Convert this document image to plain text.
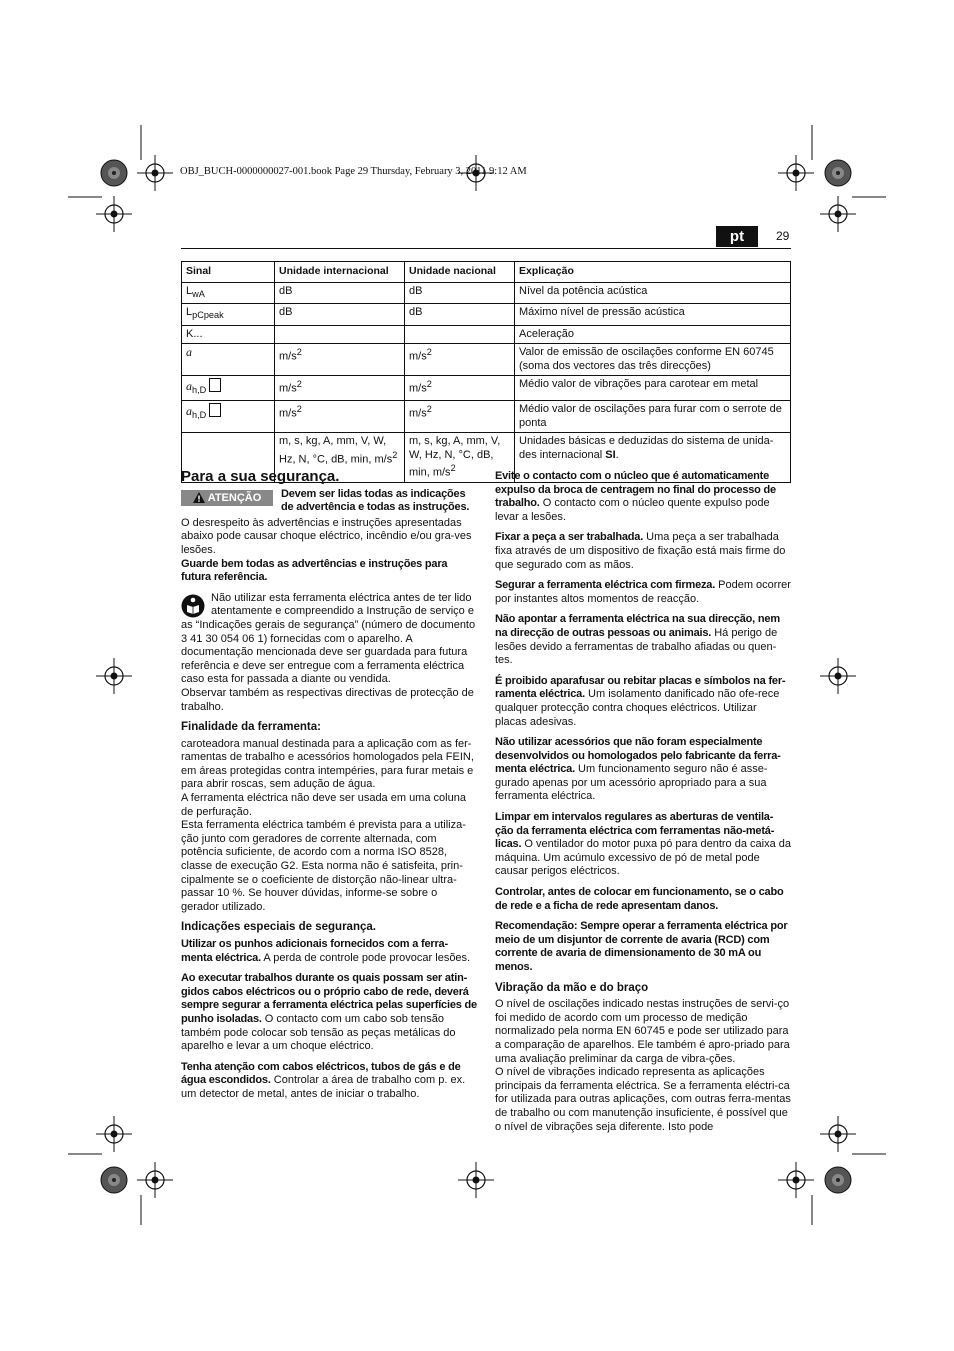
OBJ_BUCH-0000000027-001.book Page 29 Thursday, February 3, 2011 9:12 AM
pt	29
Sinal	Unidade internacional	Unidade nacional	Explicação
$L_{wA}$	dB	dB	Nível da potência acústica
$L_{pCpeak}$	dB	dB	Máximo nível de pressão acústica
K...			Aceleração
a	$m/s^2$	$m/s^2$	Valor de emissão de oscilações conforme EN 60745 (soma dos vectores das três direcções)
$a_{h,D}$	$m/s^2$	$m/s^2$	Médio valor de vibrações para carotear em metal
$a_{h,D}$	$m/s^2$	$m/s^2$	Médio valor de oscilações para furar com o serrote de ponta
	m, s, kg, A, mm, V, W, Hz, N, °C, dB, min, $m/s^2$	m, s, kg, A, mm, V, W, Hz, N, °C, dB, min, $m/s^2$	Unidades básicas e deduzidas do sistema de unida-des internacional SI.
Para a sua segurança.
ATENÇÃO Devem ser lidas todas as indicações de advertência e todas as instruções.

O desrespeito às advertências e instruções apresentadas abaixo pode causar choque eléctrico, incêndio e/ou gra-ves lesões.

Guarde bem todas as advertências e instruções para futura referência.

Não utilizar esta ferramenta eléctrica antes de ter lido atentamente e compreendido a Instrução de serviço e as “Indicações gerais de segurança” (número de documento 3 41 30 054 06 1) fornecidas com o aparelho. A documentação mencionada deve ser guardada para futura referência e deve ser entregue com a ferramenta eléctrica caso esta for passada a diante ou vendida.

Observar também as respectivas directivas de protecção de trabalho.

Finalidade da ferramenta:

caroteadora manual destinada para a aplicação com as fer-ramentas de trabalho e acessórios homologados pela FEIN, em áreas protegidas contra intempéries, para furar metais e para abrir roscas, sem adução de água.

A ferramenta eléctrica não deve ser usada em uma coluna de perfuração.

Esta ferramenta eléctrica também é prevista para a utiliza-ção junto com geradores de corrente alternada, com potência suficiente, de acordo com a norma ISO 8528, classe de execução G2. Esta norma não é satisfeita, prin-cipalmente se o coeficiente de distorção não-linear ultra-passar 10 %. Se houver dúvidas, informe-se sobre o gerador utilizado.

Indicações especiais de segurança.

Utilizar os punhos adicionais fornecidos com a ferra-menta eléctrica. A perda de controle pode provocar lesões.

Ao executar trabalhos durante os quais possam ser atin-gidos cabos eléctricos ou o próprio cabo de rede, deverá sempre segurar a ferramenta eléctrica pelas superfícies de punho isoladas. O contacto com um cabo sob tensão também pode colocar sob tensão as peças metálicas do aparelho e levar a um choque eléctrico.

Tenha atenção com cabos eléctricos, tubos de gás e de água escondidos. Controlar a área de trabalho com p. ex. um detector de metal, antes de iniciar o trabalho.

Evite o contacto com o núcleo que é automaticamente expulso da broca de centragem no final do processo de trabalho. O contacto com o núcleo quente expulso pode levar a lesões.

Fixar a peça a ser trabalhada. Uma peça a ser trabalhada fixa através de um dispositivo de fixação está mais firme do que segurado com as mãos.

Segurar a ferramenta eléctrica com firmeza. Podem ocorrer por instantes altos momentos de reacção.

Não apontar a ferramenta eléctrica na sua direcção, nem na direcção de outras pessoas ou animais. Há perigo de lesões devido a ferramentas de trabalho afiadas ou quen-tes.

É proibido aparafusar ou rebitar placas e símbolos na fer-ramenta eléctrica. Um isolamento danificado não ofe-rece qualquer protecção contra choques eléctricos. Utilizar placas adesivas.

Não utilizar acessórios que não foram especialmente desenvolvidos ou homologados pelo fabricante da ferra-menta eléctrica. Um funcionamento seguro não é asse-gurado apenas por um acessório apropriado para a sua ferramenta eléctrica.

Limpar em intervalos regulares as aberturas de ventila-ção da ferramenta eléctrica com ferramentas não-metá-licas. O ventilador do motor puxa pó para dentro da caixa da máquina. Um acúmulo excessivo de pó de metal pode causar perigos eléctricos.

Controlar, antes de colocar em funcionamento, se o cabo de rede e a ficha de rede apresentam danos.

Recomendação: Sempre operar a ferramenta eléctrica por meio de um disjuntor de corrente de avaria (RCD) com corrente de avaria de dimensionamento de 30 mA ou menos.

Vibração da mão e do braço

O nível de oscilações indicado nestas instruções de servi-ço foi medido de acordo com um processo de medição normalizado pela norma EN 60745 e pode ser utilizado para a comparação de aparelhos. Ele também é apro-priado para uma avaliação preliminar da carga de vibra-ções.

O nível de vibrações indicado representa as aplicações principais da ferramenta eléctrica. Se a ferramenta eléctri-ca for utilizada para outras aplicações, com outras ferra-mentas de trabalho ou com manutenção insuficiente, é possível que o nível de vibrações seja diferente. Isto pode
